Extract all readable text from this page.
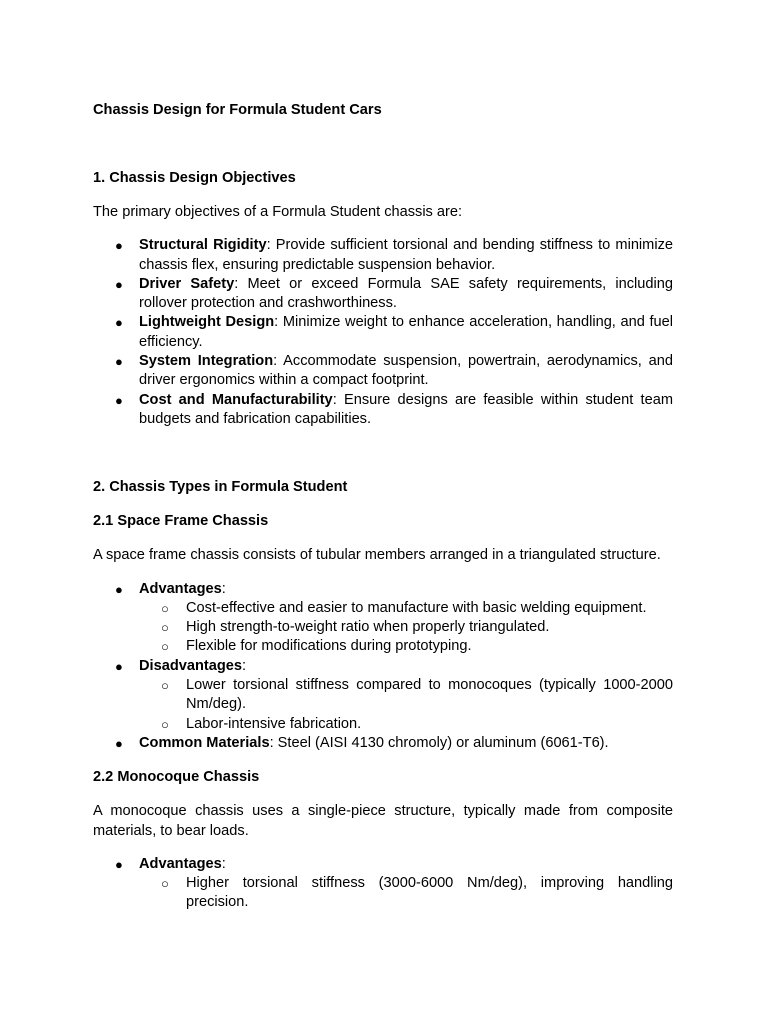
Chassis Design for Formula Student Cars
1. Chassis Design Objectives

The primary objectives of a Formula Student chassis are:

● Structural Rigidity: Provide sufficient torsional and bending stiffness to minimize chassis flex, ensuring predictable suspension behavior.
● Driver Safety: Meet or exceed Formula SAE safety requirements, including rollover protection and crashworthiness.
● Lightweight Design: Minimize weight to enhance acceleration, handling, and fuel efficiency.
● System Integration: Accommodate suspension, powertrain, aerodynamics, and driver ergonomics within a compact footprint.
● Cost and Manufacturability: Ensure designs are feasible within student team budgets and fabrication capabilities.
2. Chassis Types in Formula Student
2.1 Space Frame Chassis

A space frame chassis consists of tubular members arranged in a triangulated structure.

● Advantages:
○ Cost-effective and easier to manufacture with basic welding equipment.
○ High strength-to-weight ratio when properly triangulated.
○ Flexible for modifications during prototyping.
● Disadvantages:
○ Lower torsional stiffness compared to monocoques (typically 1000-2000 Nm/deg).
○ Labor-intensive fabrication.
● Common Materials: Steel (AISI 4130 chromoly) or aluminum (6061-T6).
2.2 Monocoque Chassis

A monocoque chassis uses a single-piece structure, typically made from composite materials, to bear loads.

● Advantages:
○ Higher torsional stiffness (3000-6000 Nm/deg), improving handling precision.
